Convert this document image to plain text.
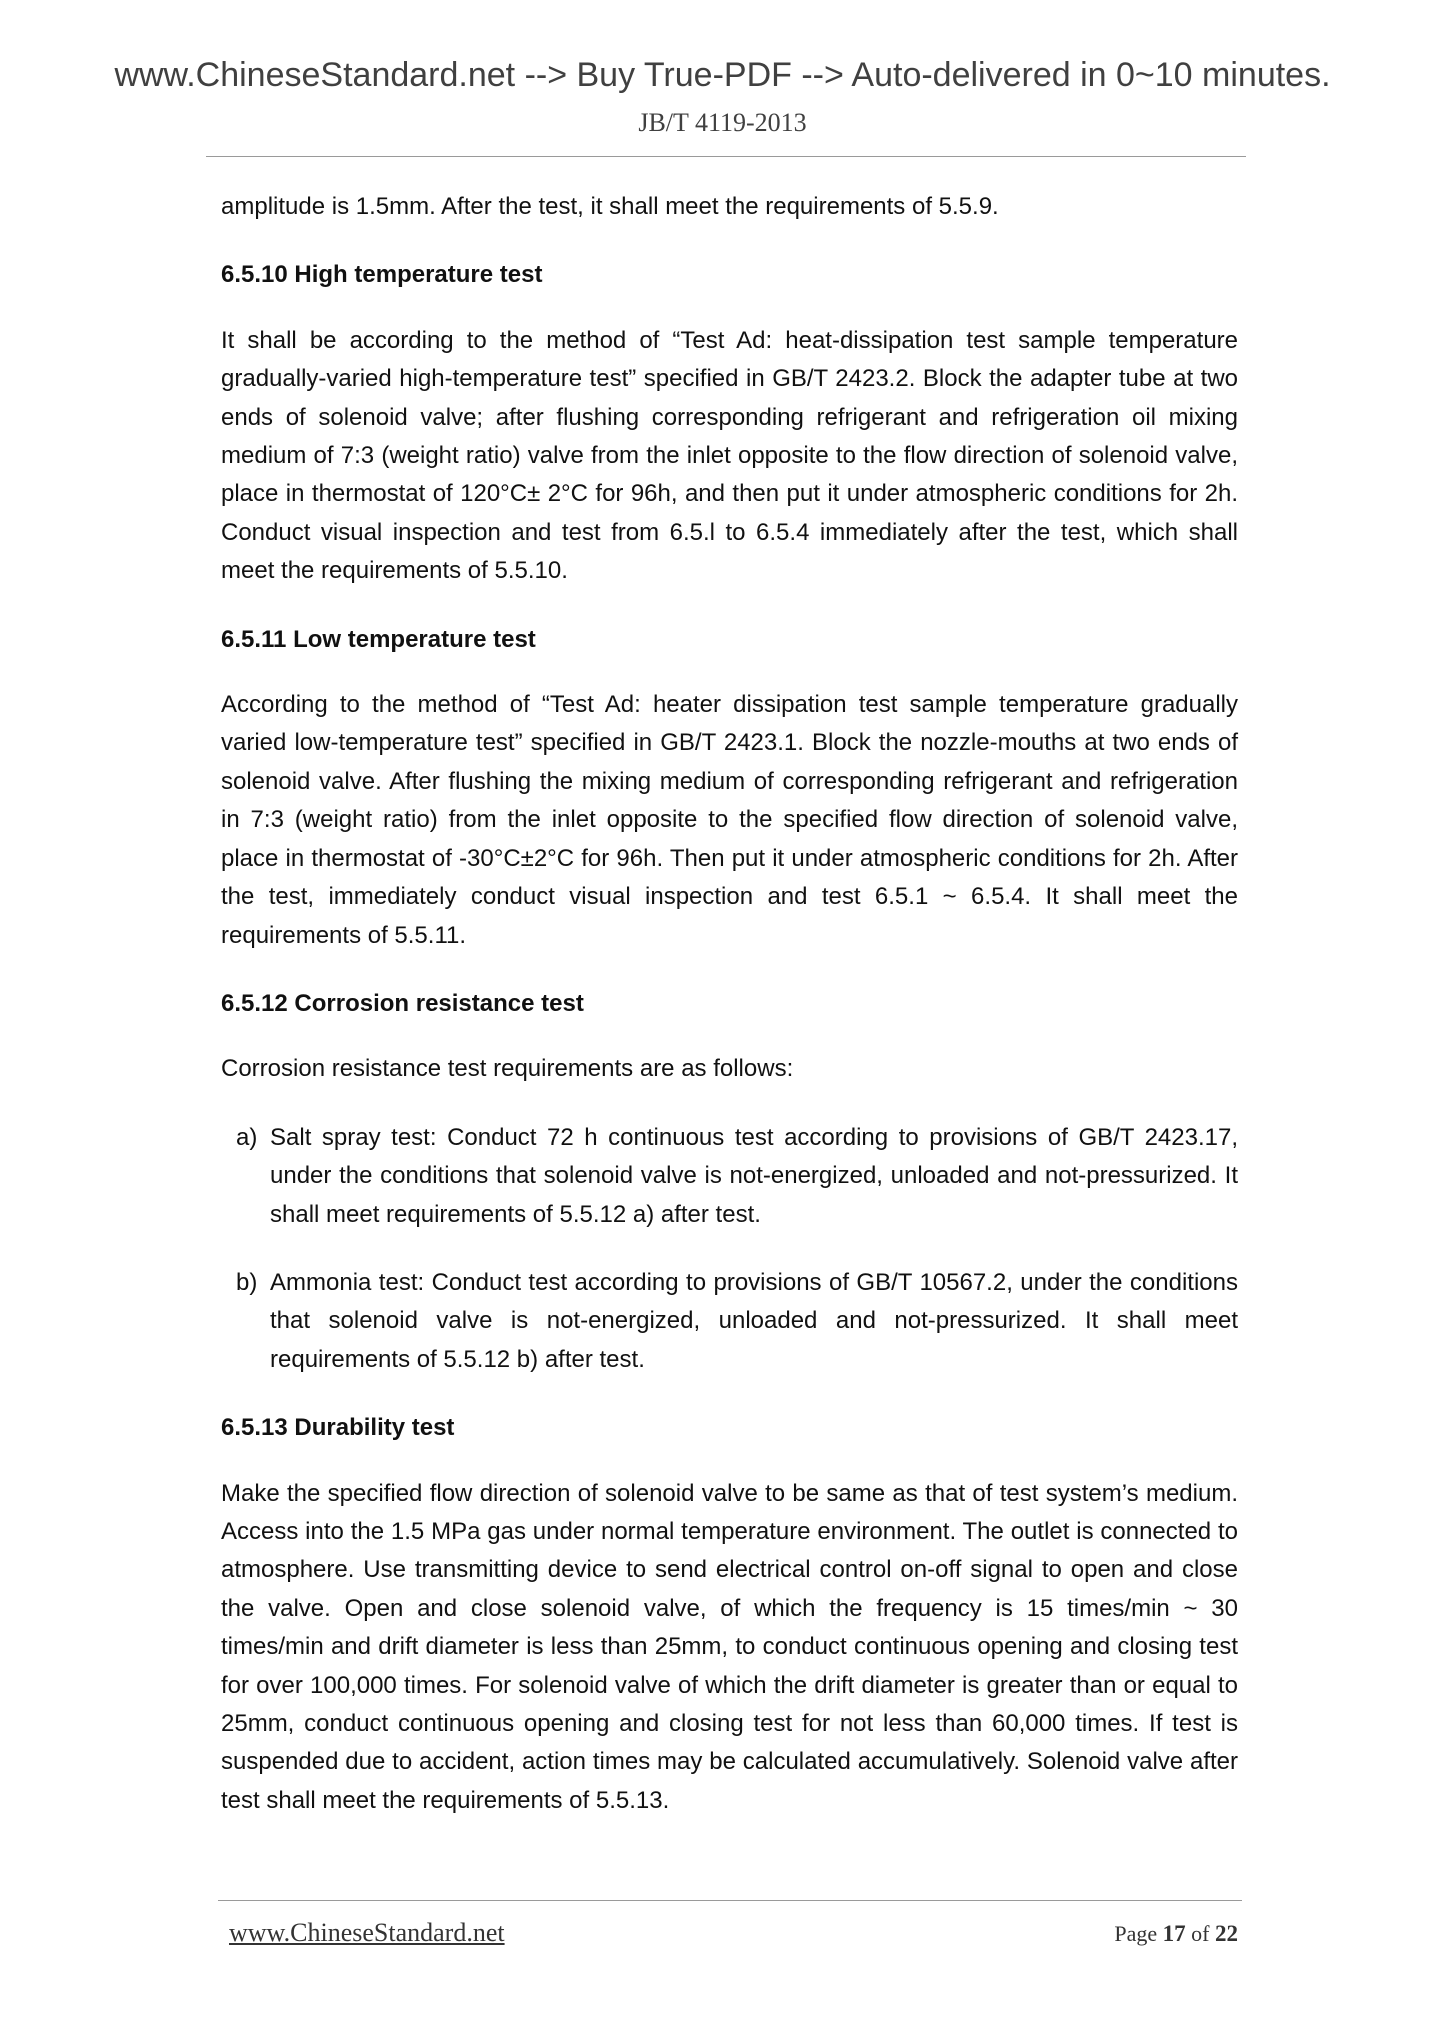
www.ChineseStandard.net --> Buy True-PDF --> Auto-delivered in 0~10 minutes.
JB/T 4119-2013

amplitude is 1.5mm. After the test, it shall meet the requirements of 5.5.9.

6.5.10 High temperature test

It shall be according to the method of “Test Ad: heat-dissipation test sample temperature gradually-varied high-temperature test” specified in GB/T 2423.2. Block the adapter tube at two ends of solenoid valve; after flushing corresponding refrigerant and refrigeration oil mixing medium of 7:3 (weight ratio) valve from the inlet opposite to the flow direction of solenoid valve, place in thermostat of 120°C± 2°C for 96h, and then put it under atmospheric conditions for 2h. Conduct visual inspection and test from 6.5.l to 6.5.4 immediately after the test, which shall meet the requirements of 5.5.10.

6.5.11 Low temperature test

According to the method of “Test Ad: heater dissipation test sample temperature gradually varied low-temperature test” specified in GB/T 2423.1. Block the nozzle-mouths at two ends of solenoid valve. After flushing the mixing medium of corresponding refrigerant and refrigeration in 7:3 (weight ratio) from the inlet opposite to the specified flow direction of solenoid valve, place in thermostat of -30°C±2°C for 96h. Then put it under atmospheric conditions for 2h. After the test, immediately conduct visual inspection and test 6.5.1 ~ 6.5.4. It shall meet the requirements of 5.5.11.

6.5.12 Corrosion resistance test

Corrosion resistance test requirements are as follows:

a) Salt spray test: Conduct 72 h continuous test according to provisions of GB/T 2423.17, under the conditions that solenoid valve is not-energized, unloaded and not-pressurized. It shall meet requirements of 5.5.12 a) after test.
b) Ammonia test: Conduct test according to provisions of GB/T 10567.2, under the conditions that solenoid valve is not-energized, unloaded and not-pressurized. It shall meet requirements of 5.5.12 b) after test.
6.5.13 Durability test

Make the specified flow direction of solenoid valve to be same as that of test system’s medium. Access into the 1.5 MPa gas under normal temperature environment. The outlet is connected to atmosphere. Use transmitting device to send electrical control on-off signal to open and close the valve. Open and close solenoid valve, of which the frequency is 15 times/min ~ 30 times/min and drift diameter is less than 25mm, to conduct continuous opening and closing test for over 100,000 times. For solenoid valve of which the drift diameter is greater than or equal to 25mm, conduct continuous opening and closing test for not less than 60,000 times. If test is suspended due to accident, action times may be calculated accumulatively. Solenoid valve after test shall meet the requirements of 5.5.13.

www.ChineseStandard.net	Page 17 of 22
